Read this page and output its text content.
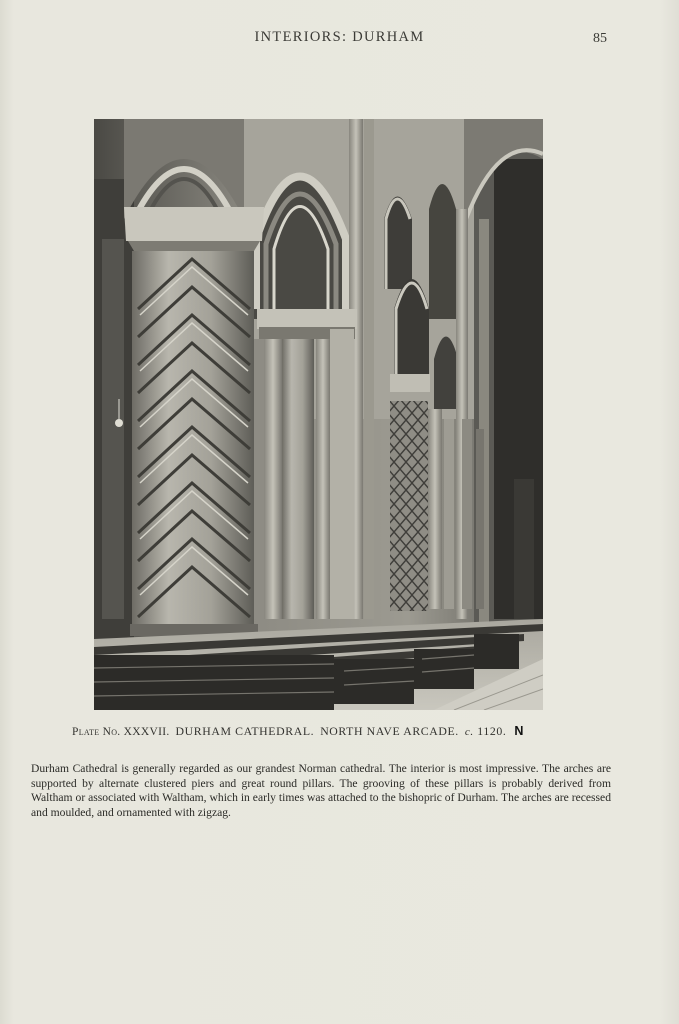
INTERIORS: DURHAM	85
Plate No. XXXVII. DURHAM CATHEDRAL. NORTH NAVE ARCADE. c. 1120. N
Durham Cathedral is generally regarded as our grandest Norman cathedral. The interior is most impressive. The arches are supported by alternate clustered piers and great round pillars. The grooving of these pillars is probably derived from Waltham or associated with Waltham, which in early times was attached to the bishopric of Durham. The arches are recessed and moulded, and ornamented with zigzag.
